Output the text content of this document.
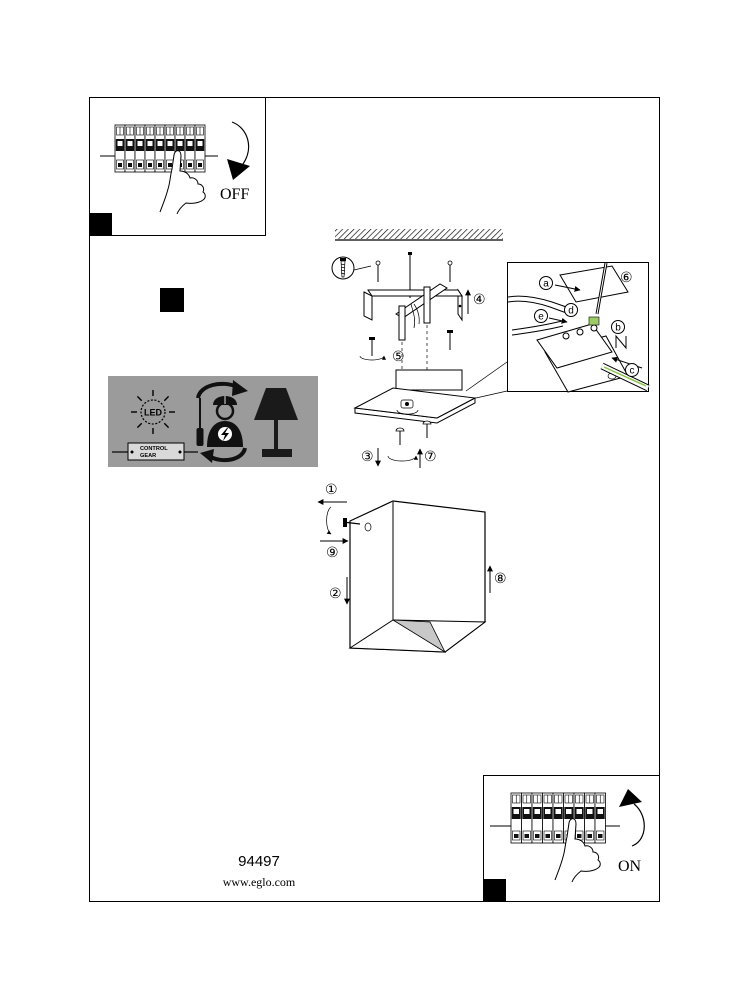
OFF
LED
CONTROL
GEAR
④
⑤
③	⑦
a
b
c
d
e
⑥
①
⑨
②
⑧
94497
www.eglo.com
ON
